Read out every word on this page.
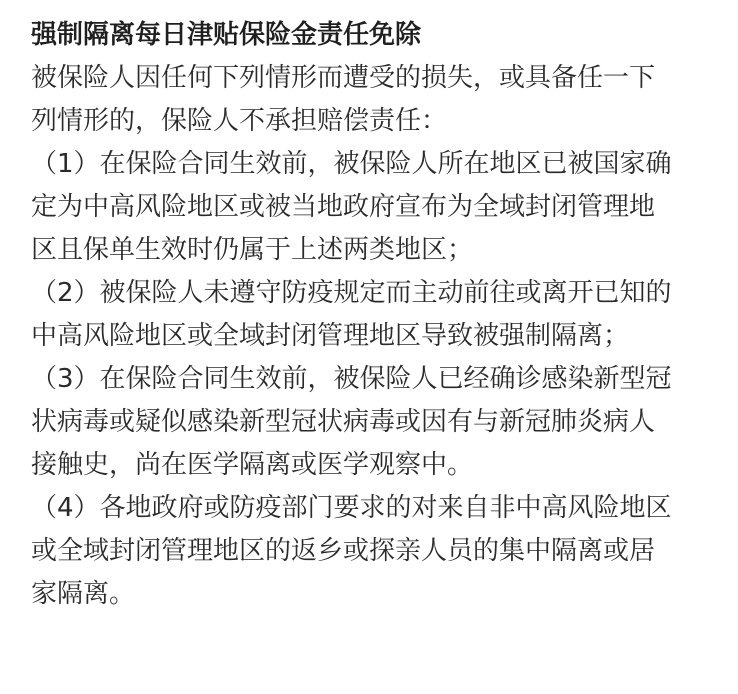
强制隔离每日津贴保险金责任免除
被保险人因任何下列情形而遭受的损失，或具备任一下
列情形的，保险人不承担赔偿责任：
（1）在保险合同生效前，被保险人所在地区已被国家确
定为中高风险地区或被当地政府宣布为全域封闭管理地
区且保单生效时仍属于上述两类地区；
（2）被保险人未遵守防疫规定而主动前往或离开已知的
中高风险地区或全域封闭管理地区导致被强制隔离；
（3）在保险合同生效前，被保险人已经确诊感染新型冠
状病毒或疑似感染新型冠状病毒或因有与新冠肺炎病人
接触史，尚在医学隔离或医学观察中。
（4）各地政府或防疫部门要求的对来自非中高风险地区
或全域封闭管理地区的返乡或探亲人员的集中隔离或居
家隔离。
